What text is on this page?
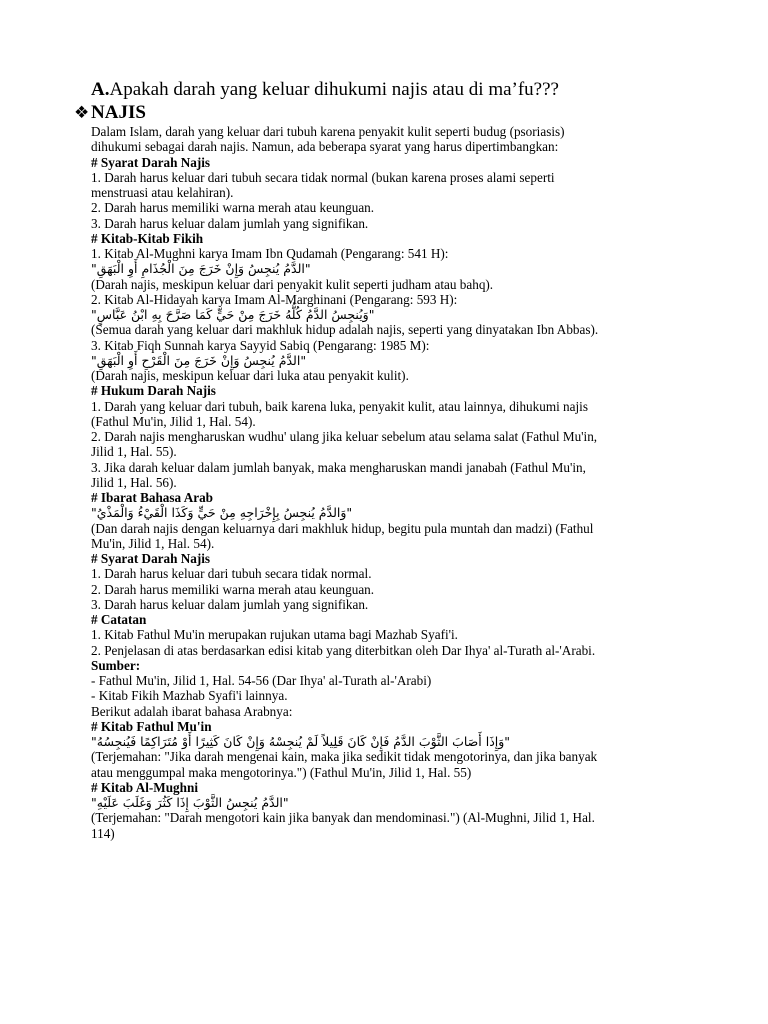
A.Apakah darah yang keluar dihukumi najis atau di ma’fu???
❖ NAJIS
Dalam Islam, darah yang keluar dari tubuh karena penyakit kulit seperti budug (psoriasis)
dihukumi sebagai darah najis. Namun, ada beberapa syarat yang harus dipertimbangkan:
# Syarat Darah Najis
1. Darah harus keluar dari tubuh secara tidak normal (bukan karena proses alami seperti
menstruasi atau kelahiran).
2. Darah harus memiliki warna merah atau keunguan.
3. Darah harus keluar dalam jumlah yang signifikan.
# Kitab-Kitab Fikih
1. Kitab Al-Mughni karya Imam Ibn Qudamah (Pengarang: 541 H):
"الدَّمُ يُنجِسُ وَإِنْ خَرَجَ مِنَ الْجُذَامِ أَوِ الْبَهَقِ"
(Darah najis, meskipun keluar dari penyakit kulit seperti judham atau bahq).
2. Kitab Al-Hidayah karya Imam Al-Marghinani (Pengarang: 593 H):
"وَيُنجِسُ الدَّمُ كُلُّهُ خَرَجَ مِنْ حَيٍّ كَمَا صَرَّحَ بِهِ ابْنُ عَبَّاسٍ"
(Semua darah yang keluar dari makhluk hidup adalah najis, seperti yang dinyatakan Ibn Abbas).
3. Kitab Fiqh Sunnah karya Sayyid Sabiq (Pengarang: 1985 M):
"الدَّمُ يُنجِسُ وَإِنْ خَرَجَ مِنَ الْقَرْحِ أَوِ الْبَهَقِ"
(Darah najis, meskipun keluar dari luka atau penyakit kulit).
# Hukum Darah Najis
1. Darah yang keluar dari tubuh, baik karena luka, penyakit kulit, atau lainnya, dihukumi najis
(Fathul Mu'in, Jilid 1, Hal. 54).
2. Darah najis mengharuskan wudhu' ulang jika keluar sebelum atau selama salat (Fathul Mu'in,
Jilid 1, Hal. 55).
3. Jika darah keluar dalam jumlah banyak, maka mengharuskan mandi janabah (Fathul Mu'in,
Jilid 1, Hal. 56).
# Ibarat Bahasa Arab
"وَالدَّمُ يُنجِسُ بِإِخْرَاجِهِ مِنْ حَيٍّ وَكَذَا الْقَيْءُ وَالْمَذْيُ"
(Dan darah najis dengan keluarnya dari makhluk hidup, begitu pula muntah dan madzi) (Fathul
Mu'in, Jilid 1, Hal. 54).
# Syarat Darah Najis
1. Darah harus keluar dari tubuh secara tidak normal.
2. Darah harus memiliki warna merah atau keunguan.
3. Darah harus keluar dalam jumlah yang signifikan.
# Catatan
1. Kitab Fathul Mu'in merupakan rujukan utama bagi Mazhab Syafi'i.
2. Penjelasan di atas berdasarkan edisi kitab yang diterbitkan oleh Dar Ihya' al-Turath al-'Arabi.
Sumber:
- Fathul Mu'in, Jilid 1, Hal. 54-56 (Dar Ihya' al-Turath al-'Arabi)
- Kitab Fikih Mazhab Syafi'i lainnya.
Berikut adalah ibarat bahasa Arabnya:
# Kitab Fathul Mu'in
"وَإِذَا أَصَابَ الثَّوْبَ الدَّمُ فَإِنْ كَانَ قَلِيلاً لَمْ يُنجِسْهُ وَإِنْ كَانَ كَثِيرًا أَوْ مُتَرَاكِمًا فَيُنجِسُهُ"
(Terjemahan: "Jika darah mengenai kain, maka jika sedikit tidak mengotorinya, dan jika banyak
atau menggumpal maka mengotorinya.") (Fathul Mu'in, Jilid 1, Hal. 55)
# Kitab Al-Mughni
"الدَّمُ يُنجِسُ الثَّوْبَ إِذَا كَثُرَ وَغَلَبَ عَلَيْهِ"
(Terjemahan: "Darah mengotori kain jika banyak dan mendominasi.") (Al-Mughni, Jilid 1, Hal.
114)
